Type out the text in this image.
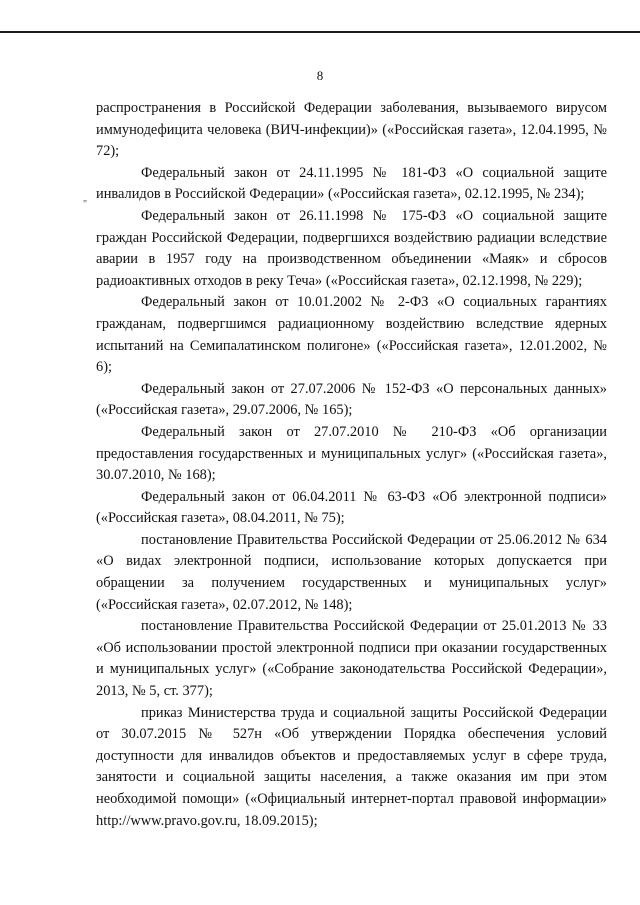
8
"

распространения в Российской Федерации заболевания, вызываемого вирусом иммунодефицита человека (ВИЧ-инфекции)» («Российская газета», 12.04.1995, № 72);

Федеральный закон от 24.11.1995 № 181-ФЗ «О социальной защите инвалидов в Российской Федерации» («Российская газета», 02.12.1995, № 234);

Федеральный закон от 26.11.1998 № 175-ФЗ «О социальной защите граждан Российской Федерации, подвергшихся воздействию радиации вследствие аварии в 1957 году на производственном объединении «Маяк» и сбросов радиоактивных отходов в реку Теча» («Российская газета», 02.12.1998, № 229);

Федеральный закон от 10.01.2002 № 2-ФЗ «О социальных гарантиях гражданам, подвергшимся радиационному воздействию вследствие ядерных испытаний на Семипалатинском полигоне» («Российская газета», 12.01.2002, № 6);

Федеральный закон от 27.07.2006 № 152-ФЗ «О персональных данных» («Российская газета», 29.07.2006, № 165);

Федеральный закон от 27.07.2010 № 210-ФЗ «Об организации предоставления государственных и муниципальных услуг» («Российская газета», 30.07.2010, № 168);

Федеральный закон от 06.04.2011 № 63-ФЗ «Об электронной подписи» («Российская газета», 08.04.2011, № 75);

постановление Правительства Российской Федерации от 25.06.2012 № 634 «О видах электронной подписи, использование которых допускается при обращении за получением государственных и муниципальных услуг» («Российская газета», 02.07.2012, № 148);

постановление Правительства Российской Федерации от 25.01.2013 № 33 «Об использовании простой электронной подписи при оказании государственных и муниципальных услуг» («Собрание законодательства Российской Федерации», 2013, № 5, ст. 377);

приказ Министерства труда и социальной защиты Российской Федерации от 30.07.2015 № 527н «Об утверждении Порядка обеспечения условий доступности для инвалидов объектов и предоставляемых услуг в сфере труда, занятости и социальной защиты населения, а также оказания им при этом необходимой помощи» («Официальный интернет-портал правовой информации» http://www.pravo.gov.ru, 18.09.2015);
